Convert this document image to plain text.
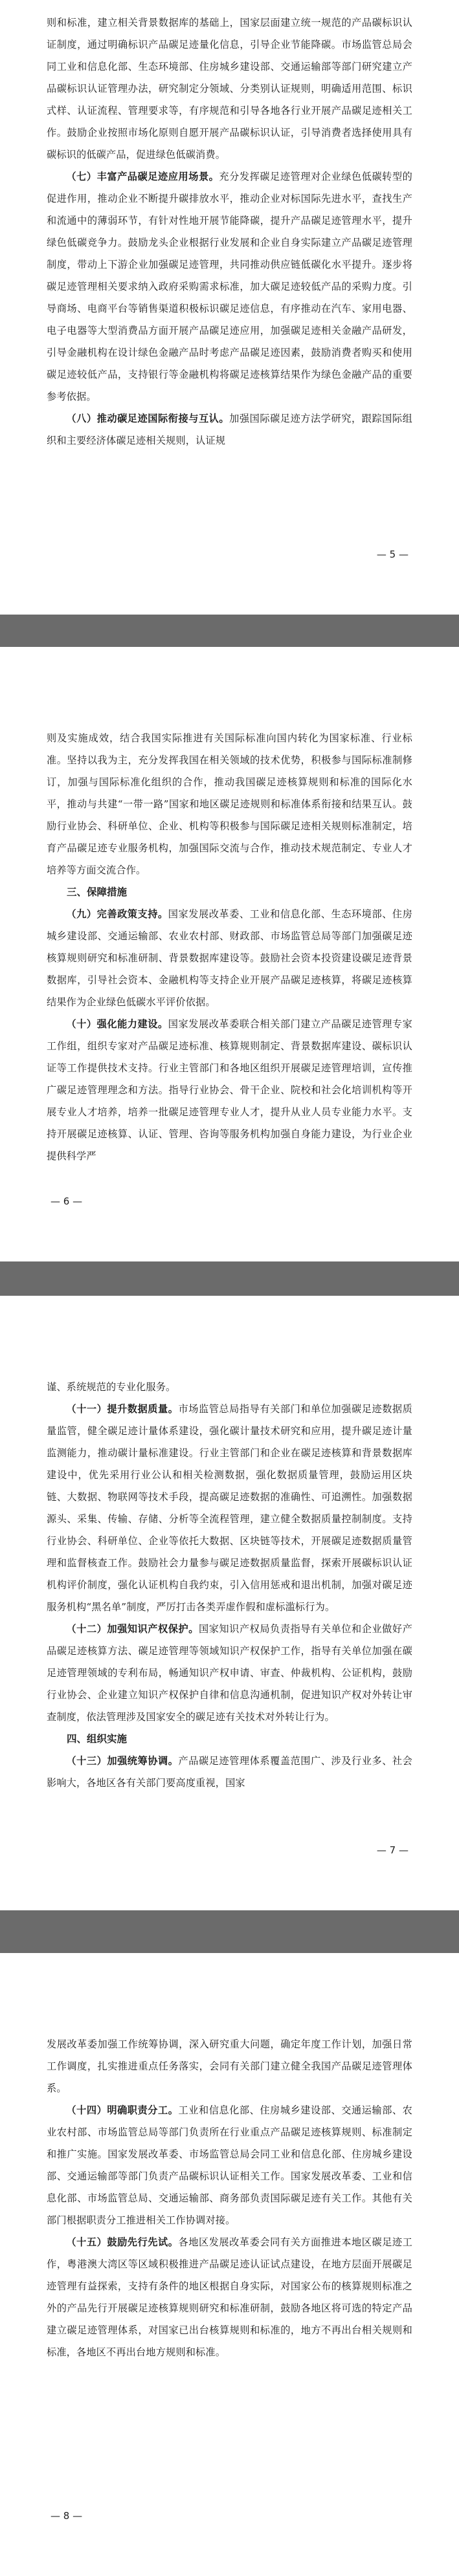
则和标准，建立相关背景数据库的基础上，国家层面建立统一规范的产品碳标识认证制度，通过明确标识产品碳足迹量化信息，引导企业节能降碳。市场监管总局会同工业和信息化部、生态环境部、住房城乡建设部、交通运输部等部门研究建立产品碳标识认证管理办法，研究制定分领域、分类别认证规则，明确适用范围、标识式样、认证流程、管理要求等，有序规范和引导各地各行业开展产品碳足迹相关工作。鼓励企业按照市场化原则自愿开展产品碳标识认证，引导消费者选择使用具有碳标识的低碳产品，促进绿色低碳消费。

（七）丰富产品碳足迹应用场景。充分发挥碳足迹管理对企业绿色低碳转型的促进作用，推动企业不断提升碳排放水平，推动企业对标国际先进水平，查找生产和流通中的薄弱环节，有针对性地开展节能降碳，提升产品碳足迹管理水平，提升绿色低碳竞争力。鼓励龙头企业根据行业发展和企业自身实际建立产品碳足迹管理制度，带动上下游企业加强碳足迹管理，共同推动供应链低碳化水平提升。逐步将碳足迹管理相关要求纳入政府采购需求标准，加大碳足迹较低产品的采购力度。引导商场、电商平台等销售渠道积极标识碳足迹信息，有序推动在汽车、家用电器、电子电器等大型消费品方面开展产品碳足迹应用，加强碳足迹相关金融产品研发，引导金融机构在设计绿色金融产品时考虑产品碳足迹因素，鼓励消费者购买和使用碳足迹较低产品，支持银行等金融机构将碳足迹核算结果作为绿色金融产品的重要参考依据。

（八）推动碳足迹国际衔接与互认。加强国际碳足迹方法学研究，跟踪国际组织和主要经济体碳足迹相关规则，认证规

— 5 —

则及实施成效，结合我国实际推进有关国际标准向国内转化为国家标准、行业标准。坚持以我为主，充分发挥我国在相关领域的技术优势，积极参与国际标准制修订，加强与国际标准化组织的合作，推动我国碳足迹核算规则和标准的国际化水平，推动与共建“一带一路”国家和地区碳足迹规则和标准体系衔接和结果互认。鼓励行业协会、科研单位、企业、机构等积极参与国际碳足迹相关规则标准制定，培育产品碳足迹专业服务机构，加强国际交流与合作，推动技术规范制定、专业人才培养等方面交流合作。

三、保障措施

（九）完善政策支持。国家发展改革委、工业和信息化部、生态环境部、住房城乡建设部、交通运输部、农业农村部、财政部、市场监管总局等部门加强碳足迹核算规则研究和标准研制、背景数据库建设等。鼓励社会资本投资建设碳足迹背景数据库，引导社会资本、金融机构等支持企业开展产品碳足迹核算，将碳足迹核算结果作为企业绿色低碳水平评价依据。

（十）强化能力建设。国家发展改革委联合相关部门建立产品碳足迹管理专家工作组，组织专家对产品碳足迹标准、核算规则制定、背景数据库建设、碳标识认证等工作提供技术支持。行业主管部门和各地区组织开展碳足迹管理培训，宣传推广碳足迹管理理念和方法。指导行业协会、骨干企业、院校和社会化培训机构等开展专业人才培养，培养一批碳足迹管理专业人才，提升从业人员专业能力水平。支持开展碳足迹核算、认证、管理、咨询等服务机构加强自身能力建设，为行业企业提供科学严

— 6 —

谨、系统规范的专业化服务。

（十一）提升数据质量。市场监管总局指导有关部门和单位加强碳足迹数据质量监管，健全碳足迹计量体系建设，强化碳计量技术研究和应用，提升碳足迹计量监测能力，推动碳计量标准建设。行业主管部门和企业在碳足迹核算和背景数据库建设中，优先采用行业公认和相关检测数据，强化数据质量管理，鼓励运用区块链、大数据、物联网等技术手段，提高碳足迹数据的准确性、可追溯性。加强数据源头、采集、传输、存储、分析等全流程管理，建立健全数据质量控制制度。支持行业协会、科研单位、企业等依托大数据、区块链等技术，开展碳足迹数据质量管理和监督核查工作。鼓励社会力量参与碳足迹数据质量监督，探索开展碳标识认证机构评价制度，强化认证机构自我约束，引入信用惩戒和退出机制，加强对碳足迹服务机构“黑名单”制度，严厉打击各类弄虚作假和虚标滥标行为。

（十二）加强知识产权保护。国家知识产权局负责指导有关单位和企业做好产品碳足迹核算方法、碳足迹管理等领域知识产权保护工作，指导有关单位加强在碳足迹管理领域的专利布局，畅通知识产权申请、审查、仲裁机构、公证机构，鼓励行业协会、企业建立知识产权保护自律和信息沟通机制，促进知识产权对外转让审查制度，依法管理涉及国家安全的碳足迹有关技术对外转让行为。

四、组织实施

（十三）加强统筹协调。产品碳足迹管理体系覆盖范围广、涉及行业多、社会影响大，各地区各有关部门要高度重视，国家

— 7 —

发展改革委加强工作统筹协调，深入研究重大问题，确定年度工作计划，加强日常工作调度，扎实推进重点任务落实，会同有关部门建立健全我国产品碳足迹管理体系。

（十四）明确职责分工。工业和信息化部、住房城乡建设部、交通运输部、农业农村部、市场监管总局等部门负责所在行业重点产品碳足迹核算规则、标准制定和推广实施。国家发展改革委、市场监管总局会同工业和信息化部、住房城乡建设部、交通运输部等部门负责产品碳标识认证相关工作。国家发展改革委、工业和信息化部、市场监管总局、交通运输部、商务部负责国际碳足迹有关工作。其他有关部门根据职责分工推进相关工作协调对接。

（十五）鼓励先行先试。各地区发展改革委会同有关方面推进本地区碳足迹工作，粤港澳大湾区等区域积极推进产品碳足迹认证试点建设，在地方层面开展碳足迹管理有益探索，支持有条件的地区根据自身实际，对国家公布的核算规则标准之外的产品先行开展碳足迹核算规则研究和标准研制，鼓励各地区将可选的特定产品建立碳足迹管理体系，对国家已出台核算规则和标准的，地方不再出台相关规则和标准，各地区不再出台地方规则和标准。

— 8 —
